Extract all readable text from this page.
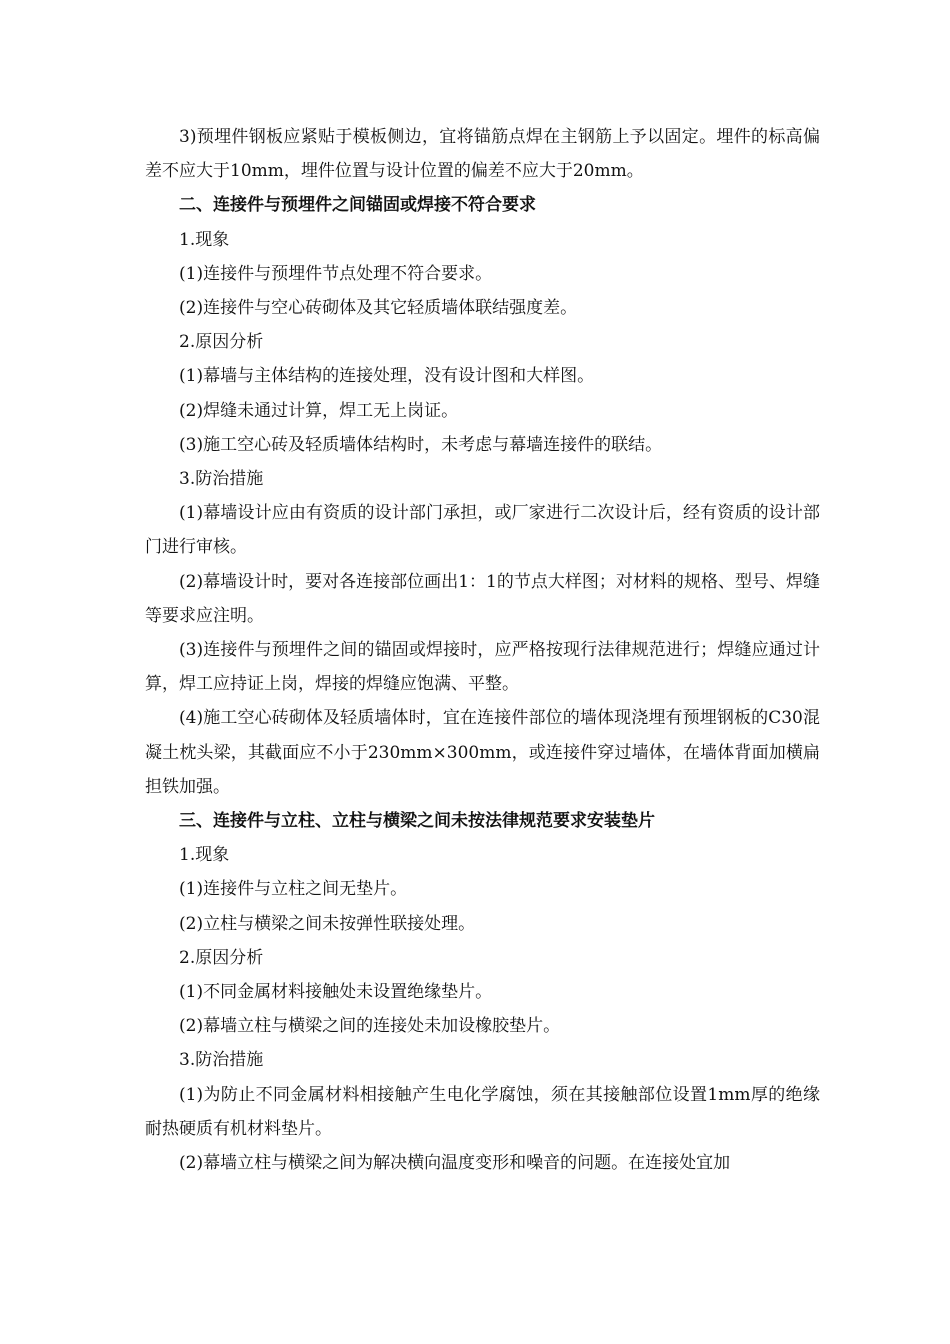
3)预埋件钢板应紧贴于模板侧边，宜将锚筋点焊在主钢筋上予以固定。埋件的标高偏差不应大于10mm，埋件位置与设计位置的偏差不应大于20mm。

二、连接件与预埋件之间锚固或焊接不符合要求

1.现象

(1)连接件与预埋件节点处理不符合要求。

(2)连接件与空心砖砌体及其它轻质墙体联结强度差。

2.原因分析

(1)幕墙与主体结构的连接处理，没有设计图和大样图。

(2)焊缝未通过计算，焊工无上岗证。

(3)施工空心砖及轻质墙体结构时，未考虑与幕墙连接件的联结。

3.防治措施

(1)幕墙设计应由有资质的设计部门承担，或厂家进行二次设计后，经有资质的设计部门进行审核。

(2)幕墙设计时，要对各连接部位画出1：1的节点大样图；对材料的规格、型号、焊缝等要求应注明。

(3)连接件与预埋件之间的锚固或焊接时，应严格按现行法律规范进行；焊缝应通过计算，焊工应持证上岗，焊接的焊缝应饱满、平整。

(4)施工空心砖砌体及轻质墙体时，宜在连接件部位的墙体现浇埋有预埋钢板的C30混凝土枕头梁，其截面应不小于230mm×300mm，或连接件穿过墙体，在墙体背面加横扁担铁加强。

三、连接件与立柱、立柱与横梁之间未按法律规范要求安装垫片

1.现象

(1)连接件与立柱之间无垫片。

(2)立柱与横梁之间未按弹性联接处理。

2.原因分析

(1)不同金属材料接触处未设置绝缘垫片。

(2)幕墙立柱与横梁之间的连接处未加设橡胶垫片。

3.防治措施

(1)为防止不同金属材料相接触产生电化学腐蚀，须在其接触部位设置1mm厚的绝缘耐热硬质有机材料垫片。

(2)幕墙立柱与横梁之间为解决横向温度变形和噪音的问题。在连接处宜加
